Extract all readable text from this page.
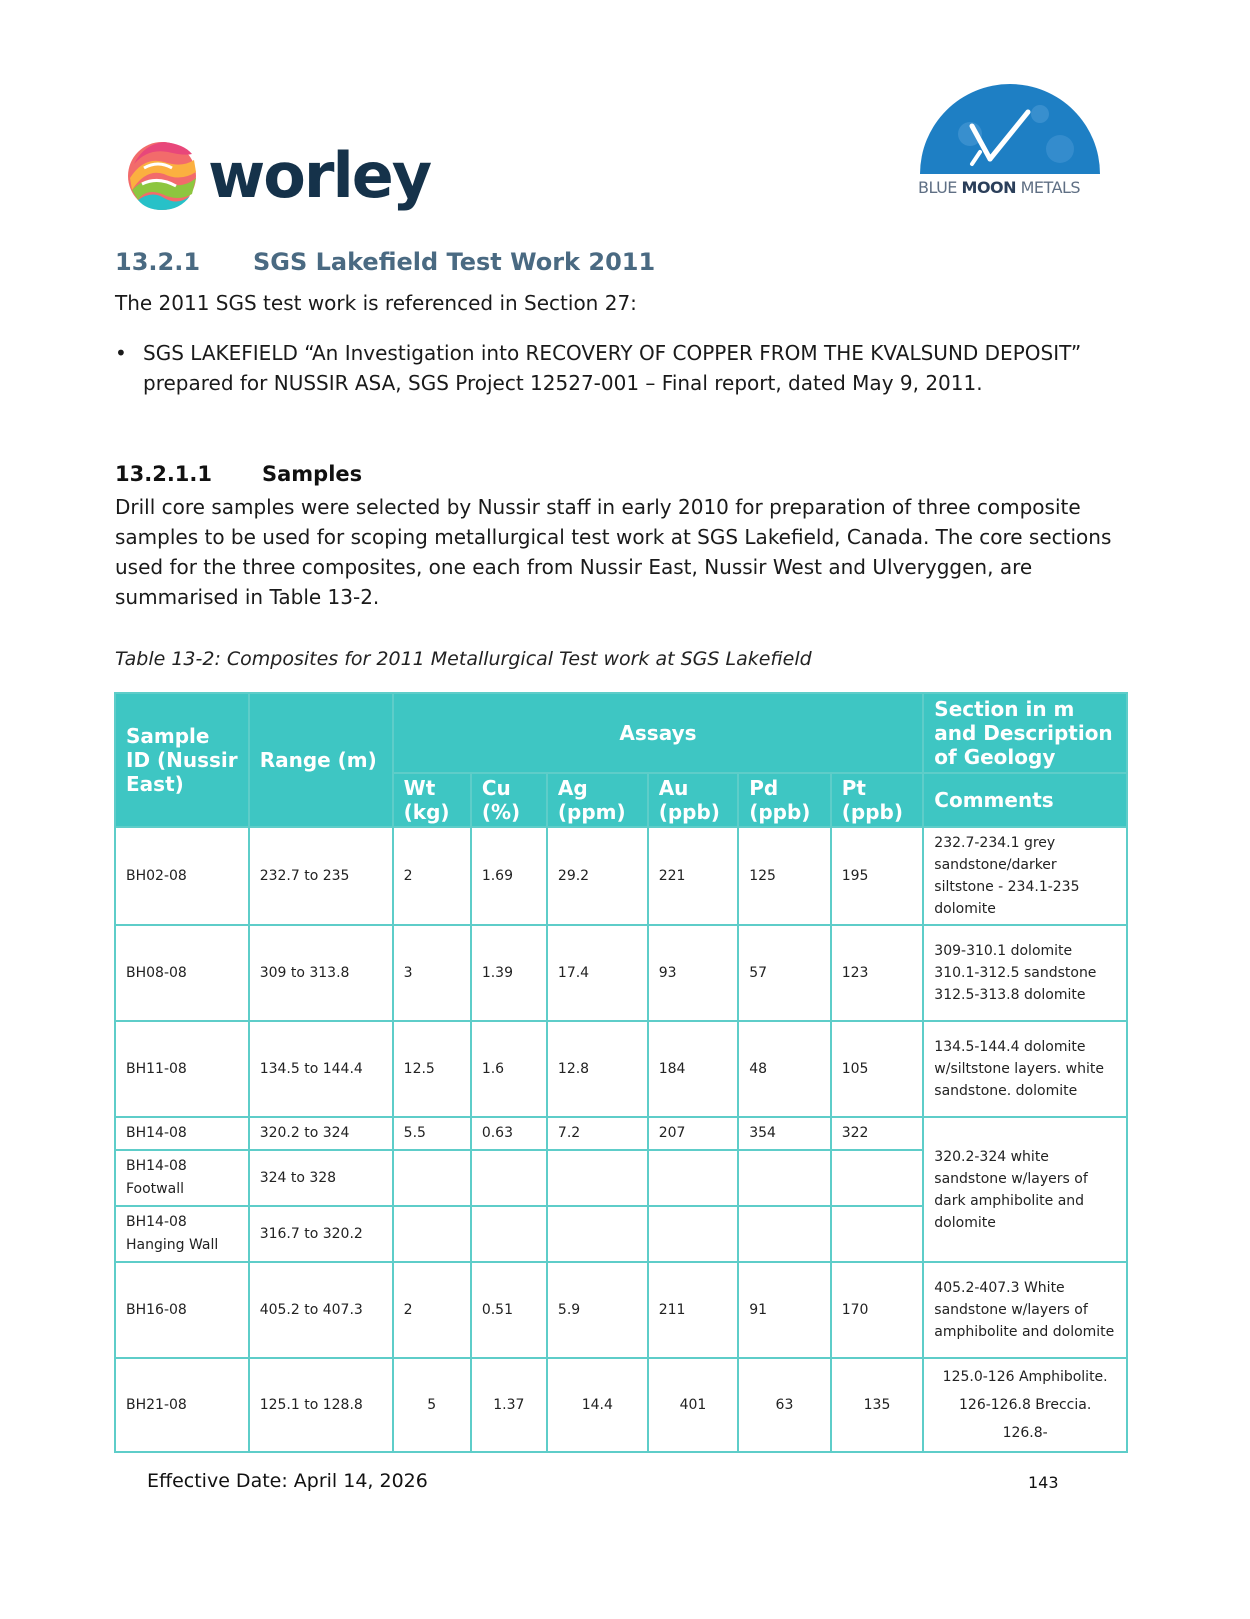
worley	BLUE MOON METALS
13.2.1 SGS Lakefield Test Work 2011
The 2011 SGS test work is referenced in Section 27:
• SGS LAKEFIELD “An Investigation into RECOVERY OF COPPER FROM THE KVALSUND DEPOSIT” prepared for NUSSIR ASA, SGS Project 12527-001 – Final report, dated May 9, 2011.
13.2.1.1 Samples
Drill core samples were selected by Nussir staff in early 2010 for preparation of three composite samples to be used for scoping metallurgical test work at SGS Lakefield, Canada. The core sections used for the three composites, one each from Nussir East, Nussir West and Ulveryggen, are summarised in Table 13-2.
Table 13-2: Composites for 2011 Metallurgical Test work at SGS Lakefield
Sample ID (Nussir East)	Range (m)	Assays						Section in m and Description of Geology
		Wt (kg)	Cu (%)	Ag (ppm)	Au (ppb)	Pd (ppb)	Pt (ppb)	Comments
BH02-08	232.7 to 235	2	1.69	29.2	221	125	195	232.7-234.1 grey sandstone/darker siltstone - 234.1-235 dolomite
BH08-08	309 to 313.8	3	1.39	17.4	93	57	123	309-310.1 dolomite 310.1-312.5 sandstone 312.5-313.8 dolomite
BH11-08	134.5 to 144.4	12.5	1.6	12.8	184	48	105	134.5-144.4 dolomite w/siltstone layers. white sandstone. dolomite
BH14-08	320.2 to 324	5.5	0.63	7.2	207	354	322	320.2-324 white sandstone w/layers of dark amphibolite and dolomite
BH14-08 Footwall	324 to 328							
BH14-08 Hanging Wall	316.7 to 320.2							
BH16-08	405.2 to 407.3	2	0.51	5.9	211	91	170	405.2-407.3 White sandstone w/layers of amphibolite and dolomite
BH21-08	125.1 to 128.8	5	1.37	14.4	401	63	135	125.0-126 Amphibolite. 126-126.8 Breccia. 126.8-
Effective Date: April 14, 2026	143
